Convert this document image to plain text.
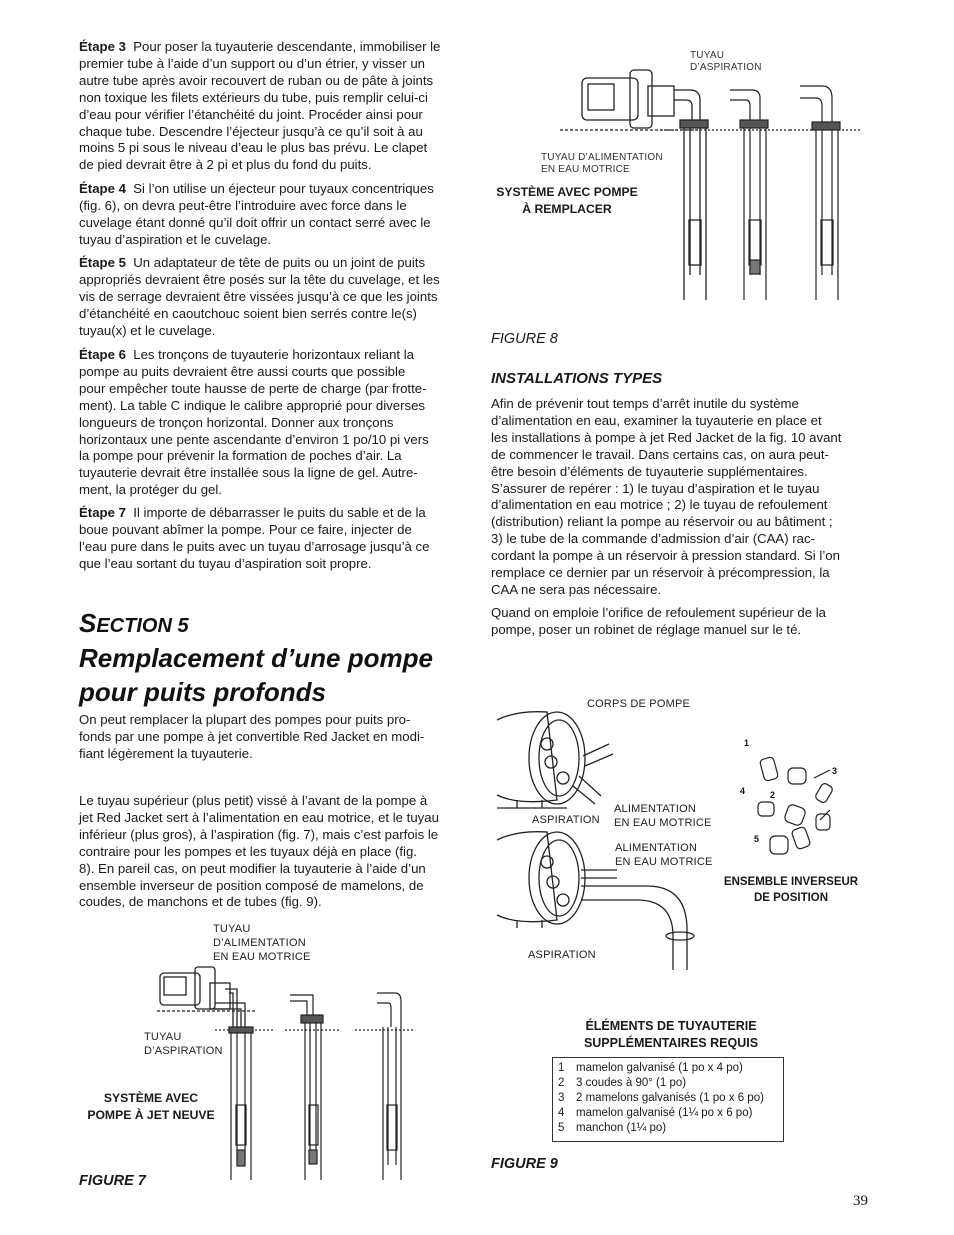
Étape 3 Pour poser la tuyauterie descendante, immobiliser le
premier tube à l’aide d’un support ou d’un étrier, y visser un
autre tube après avoir recouvert de ruban ou de pâte à joints
non toxique les filets extérieurs du tube, puis remplir celui-ci
d’eau pour vérifier l’étanchéité du joint. Procéder ainsi pour
chaque tube. Descendre l’éjecteur jusqu’à ce qu’il soit à au
moins 5 pi sous le niveau d’eau le plus bas prévu. Le clapet
de pied devrait être à 2 pi et plus du fond du puits.
Étape 4 Si l’on utilise un éjecteur pour tuyaux concentriques
(fig. 6), on devra peut-être l’introduire avec force dans le
cuvelage étant donné qu’il doit offrir un contact serré avec le
tuyau d’aspiration et le cuvelage.
Étape 5 Un adaptateur de tête de puits ou un joint de puits
appropriés devraient être posés sur la tête du cuvelage, et les
vis de serrage devraient être vissées jusqu’à ce que les joints
d’étanchéité en caoutchouc soient bien serrés contre le(s)
tuyau(x) et le cuvelage.
Étape 6 Les tronçons de tuyauterie horizontaux reliant la
pompe au puits devraient être aussi courts que possible
pour empêcher toute hausse de perte de charge (par frotte-
ment). La table C indique le calibre approprié pour diverses
longueurs de tronçon horizontal. Donner aux tronçons
horizontaux une pente ascendante d’environ 1 po/10 pi vers
la pompe pour prévenir la formation de poches d’air. La
tuyauterie devrait être installée sous la ligne de gel. Autre-
ment, la protéger du gel.
Étape 7 Il importe de débarrasser le puits du sable et de la
boue pouvant abîmer la pompe. Pour ce faire, injecter de
l’eau pure dans le puits avec un tuyau d’arrosage jusqu’à ce
que l’eau sortant du tuyau d’aspiration soit propre.
SECTION 5
Remplacement d’une pompe
pour puits profonds
On peut remplacer la plupart des pompes pour puits pro-
fonds par une pompe à jet convertible Red Jacket en modi-
fiant légèrement la tuyauterie.
Le tuyau supérieur (plus petit) vissé à l’avant de la pompe à
jet Red Jacket sert à l’alimentation en eau motrice, et le tuyau
inférieur (plus gros), à l’aspiration (fig. 7), mais c’est parfois le
contraire pour les pompes et les tuyaux déjà en place (fig.
8). En pareil cas, on peut modifier la tuyauterie à l’aide d’un
ensemble inverseur de position composé de mamelons, de
coudes, de manchons et de tubes (fig. 9).
TUYAU
D’ALIMENTATION
EN EAU MOTRICE
TUYAU
D’ASPIRATION
SYSTÈME AVEC
POMPE À JET NEUVE
FIGURE 7
TUYAU
D’ASPIRATION
TUYAU D’ALIMENTATION
EN EAU MOTRICE
SYSTÈME AVEC POMPE
À REMPLACER
FIGURE 8
INSTALLATIONS TYPES
Afin de prévenir tout temps d’arrêt inutile du système
d’alimentation en eau, examiner la tuyauterie en place et
les installations à pompe à jet Red Jacket de la fig. 10 avant
de commencer le travail. Dans certains cas, on aura peut-
être besoin d’éléments de tuyauterie supplémentaires.
S’assurer de repérer : 1) le tuyau d’aspiration et le tuyau
d’alimentation en eau motrice ; 2) le tuyau de refoulement
(distribution) reliant la pompe au réservoir ou au bâtiment ;
3) le tube de la commande d’admission d’air (CAA) rac-
cordant la pompe à un réservoir à pression standard. Si l’on
remplace ce dernier par un réservoir à précompression, la
CAA ne sera pas nécessaire.
Quand on emploie l’orifice de refoulement supérieur de la
pompe, poser un robinet de réglage manuel sur le té.
1
2
3
4
5
CORPS DE POMPE
ASPIRATION
ALIMENTATION
EN EAU MOTRICE
ALIMENTATION
EN EAU MOTRICE
ASPIRATION
ENSEMBLE INVERSEUR
DE POSITION
ÉLÉMENTS DE TUYAUTERIE
SUPPLÉMENTAIRES REQUIS
1	mamelon galvanisé (1 po x 4 po)
2	3 coudes à 90° (1 po)
3	2 mamelons galvanisés (1 po x 6 po)
4	mamelon galvanisé (1¼ po x 6 po)
5	manchon (1¼ po)
FIGURE 9
39
